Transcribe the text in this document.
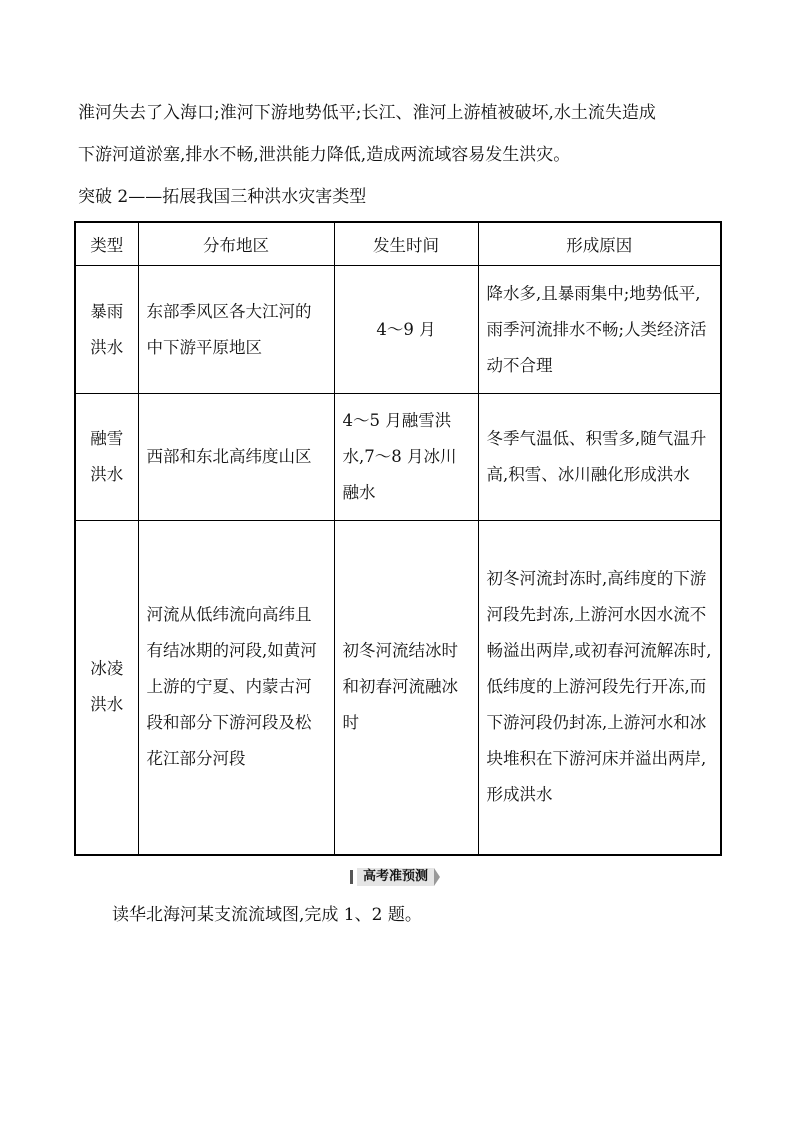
淮河失去了入海口;淮河下游地势低平;长江、淮河上游植被破坏,水土流失造成

下游河道淤塞,排水不畅,泄洪能力降低,造成两流域容易发生洪灾。

突破 2——拓展我国三种洪水灾害类型

类型	分布地区	发生时间	形成原因
暴雨洪水	东部季风区各大江河的中下游平原地区	4～9 月	降水多,且暴雨集中;地势低平,雨季河流排水不畅;人类经济活动不合理
融雪洪水	西部和东北高纬度山区	4～5 月融雪洪水,7～8 月冰川融水	冬季气温低、积雪多,随气温升高,积雪、冰川融化形成洪水
冰凌洪水	河流从低纬流向高纬且有结冰期的河段,如黄河上游的宁夏、内蒙古河段和部分下游河段及松花江部分河段	初冬河流结冰时和初春河流融冰时	初冬河流封冻时,高纬度的下游河段先封冻,上游河水因水流不畅溢出两岸,或初春河流解冻时,低纬度的上游河段先行开冻,而下游河段仍封冻,上游河水和冰块堆积在下游河床并溢出两岸,形成洪水
高考准预测

读华北海河某支流流域图,完成 1、2 题。
